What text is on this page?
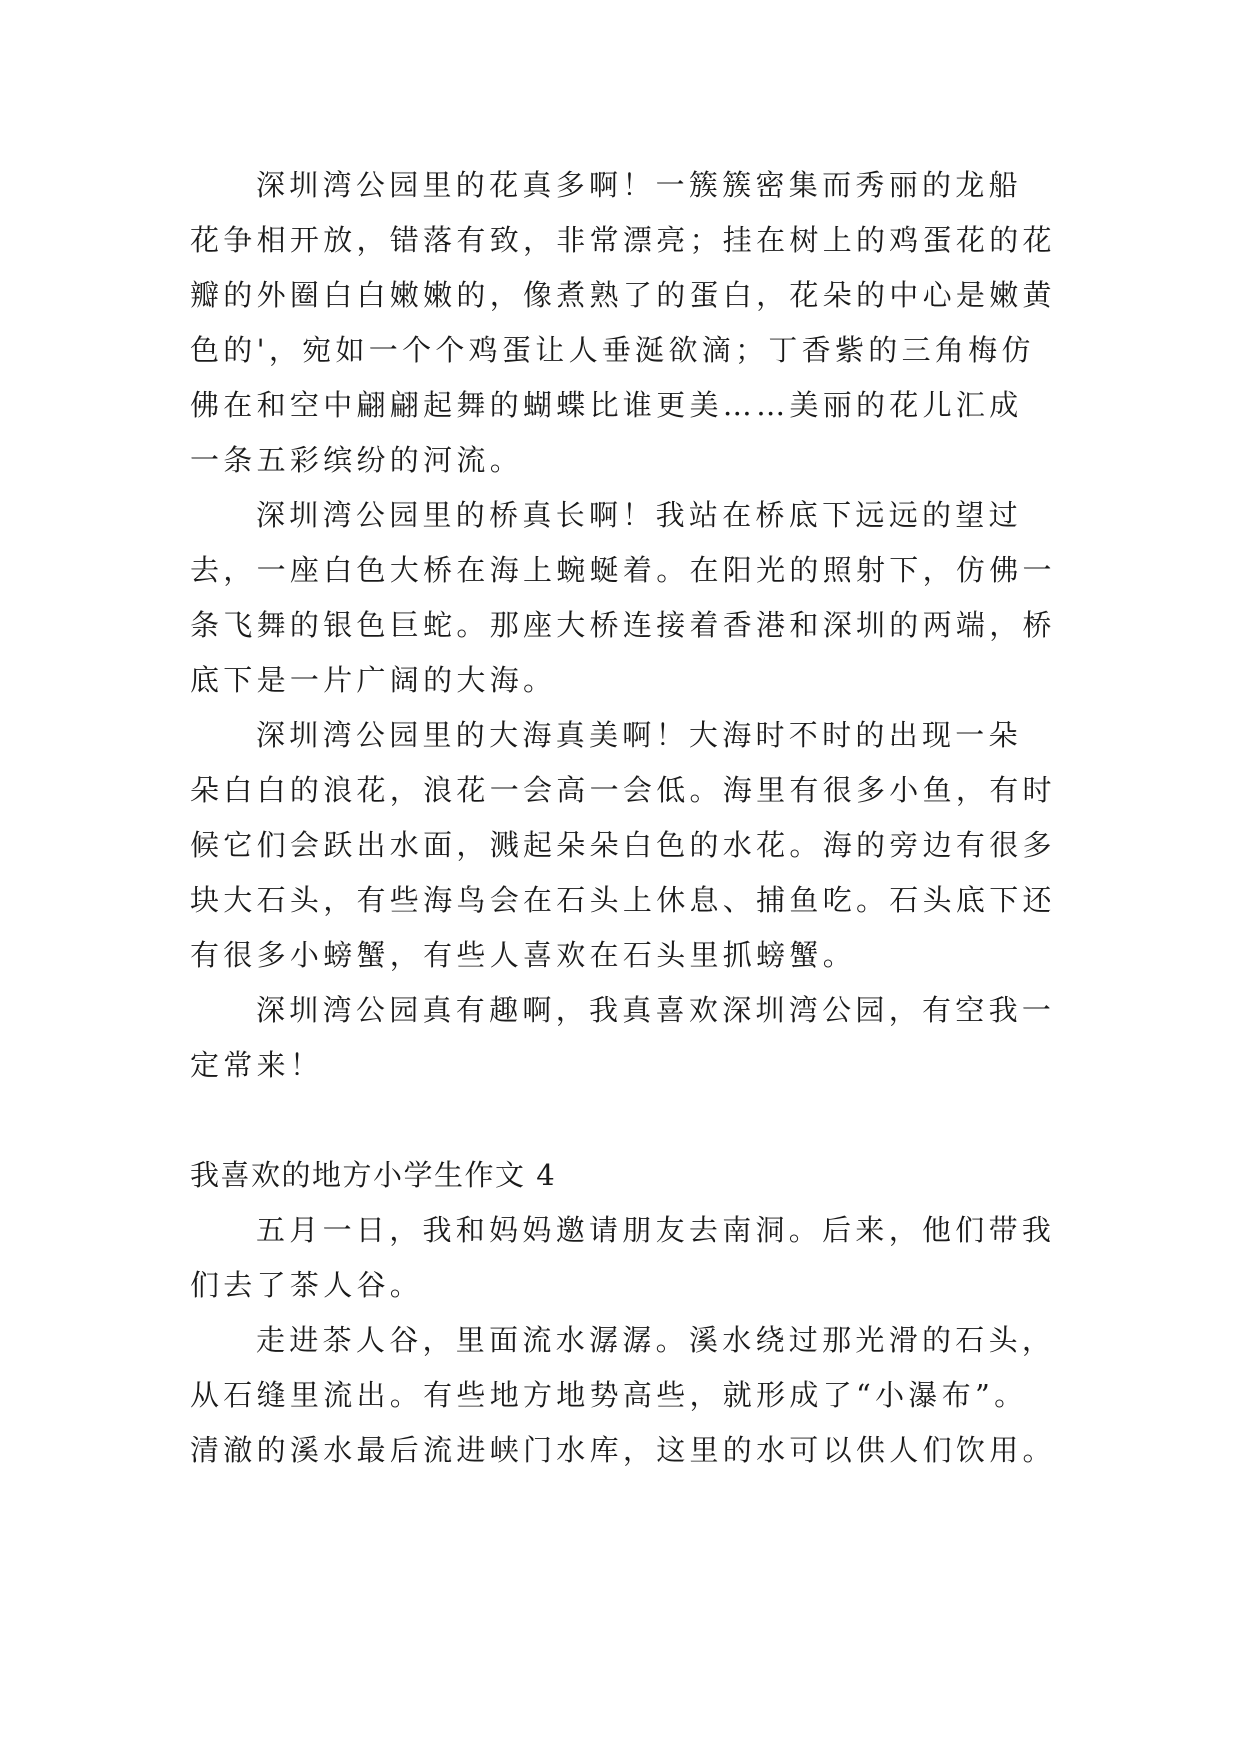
深圳湾公园里的花真多啊！一簇簇密集而秀丽的龙船
花争相开放，错落有致，非常漂亮；挂在树上的鸡蛋花的花
瓣的外圈白白嫩嫩的，像煮熟了的蛋白，花朵的中心是嫩黄
色的'，宛如一个个鸡蛋让人垂涎欲滴；丁香紫的三角梅仿
佛在和空中翩翩起舞的蝴蝶比谁更美……美丽的花儿汇成
一条五彩缤纷的河流。
深圳湾公园里的桥真长啊！我站在桥底下远远的望过
去，一座白色大桥在海上蜿蜒着。在阳光的照射下，仿佛一
条飞舞的银色巨蛇。那座大桥连接着香港和深圳的两端，桥
底下是一片广阔的大海。
深圳湾公园里的大海真美啊！大海时不时的出现一朵
朵白白的浪花，浪花一会高一会低。海里有很多小鱼，有时
候它们会跃出水面，溅起朵朵白色的水花。海的旁边有很多
块大石头，有些海鸟会在石头上休息、捕鱼吃。石头底下还
有很多小螃蟹，有些人喜欢在石头里抓螃蟹。
深圳湾公园真有趣啊，我真喜欢深圳湾公园，有空我一
定常来！
我喜欢的地方小学生作文 4
五月一日，我和妈妈邀请朋友去南洞。后来，他们带我
们去了茶人谷。
走进茶人谷，里面流水潺潺。溪水绕过那光滑的石头，
从石缝里流出。有些地方地势高些，就形成了“小瀑布”。
清澈的溪水最后流进峡门水库，这里的水可以供人们饮用。
